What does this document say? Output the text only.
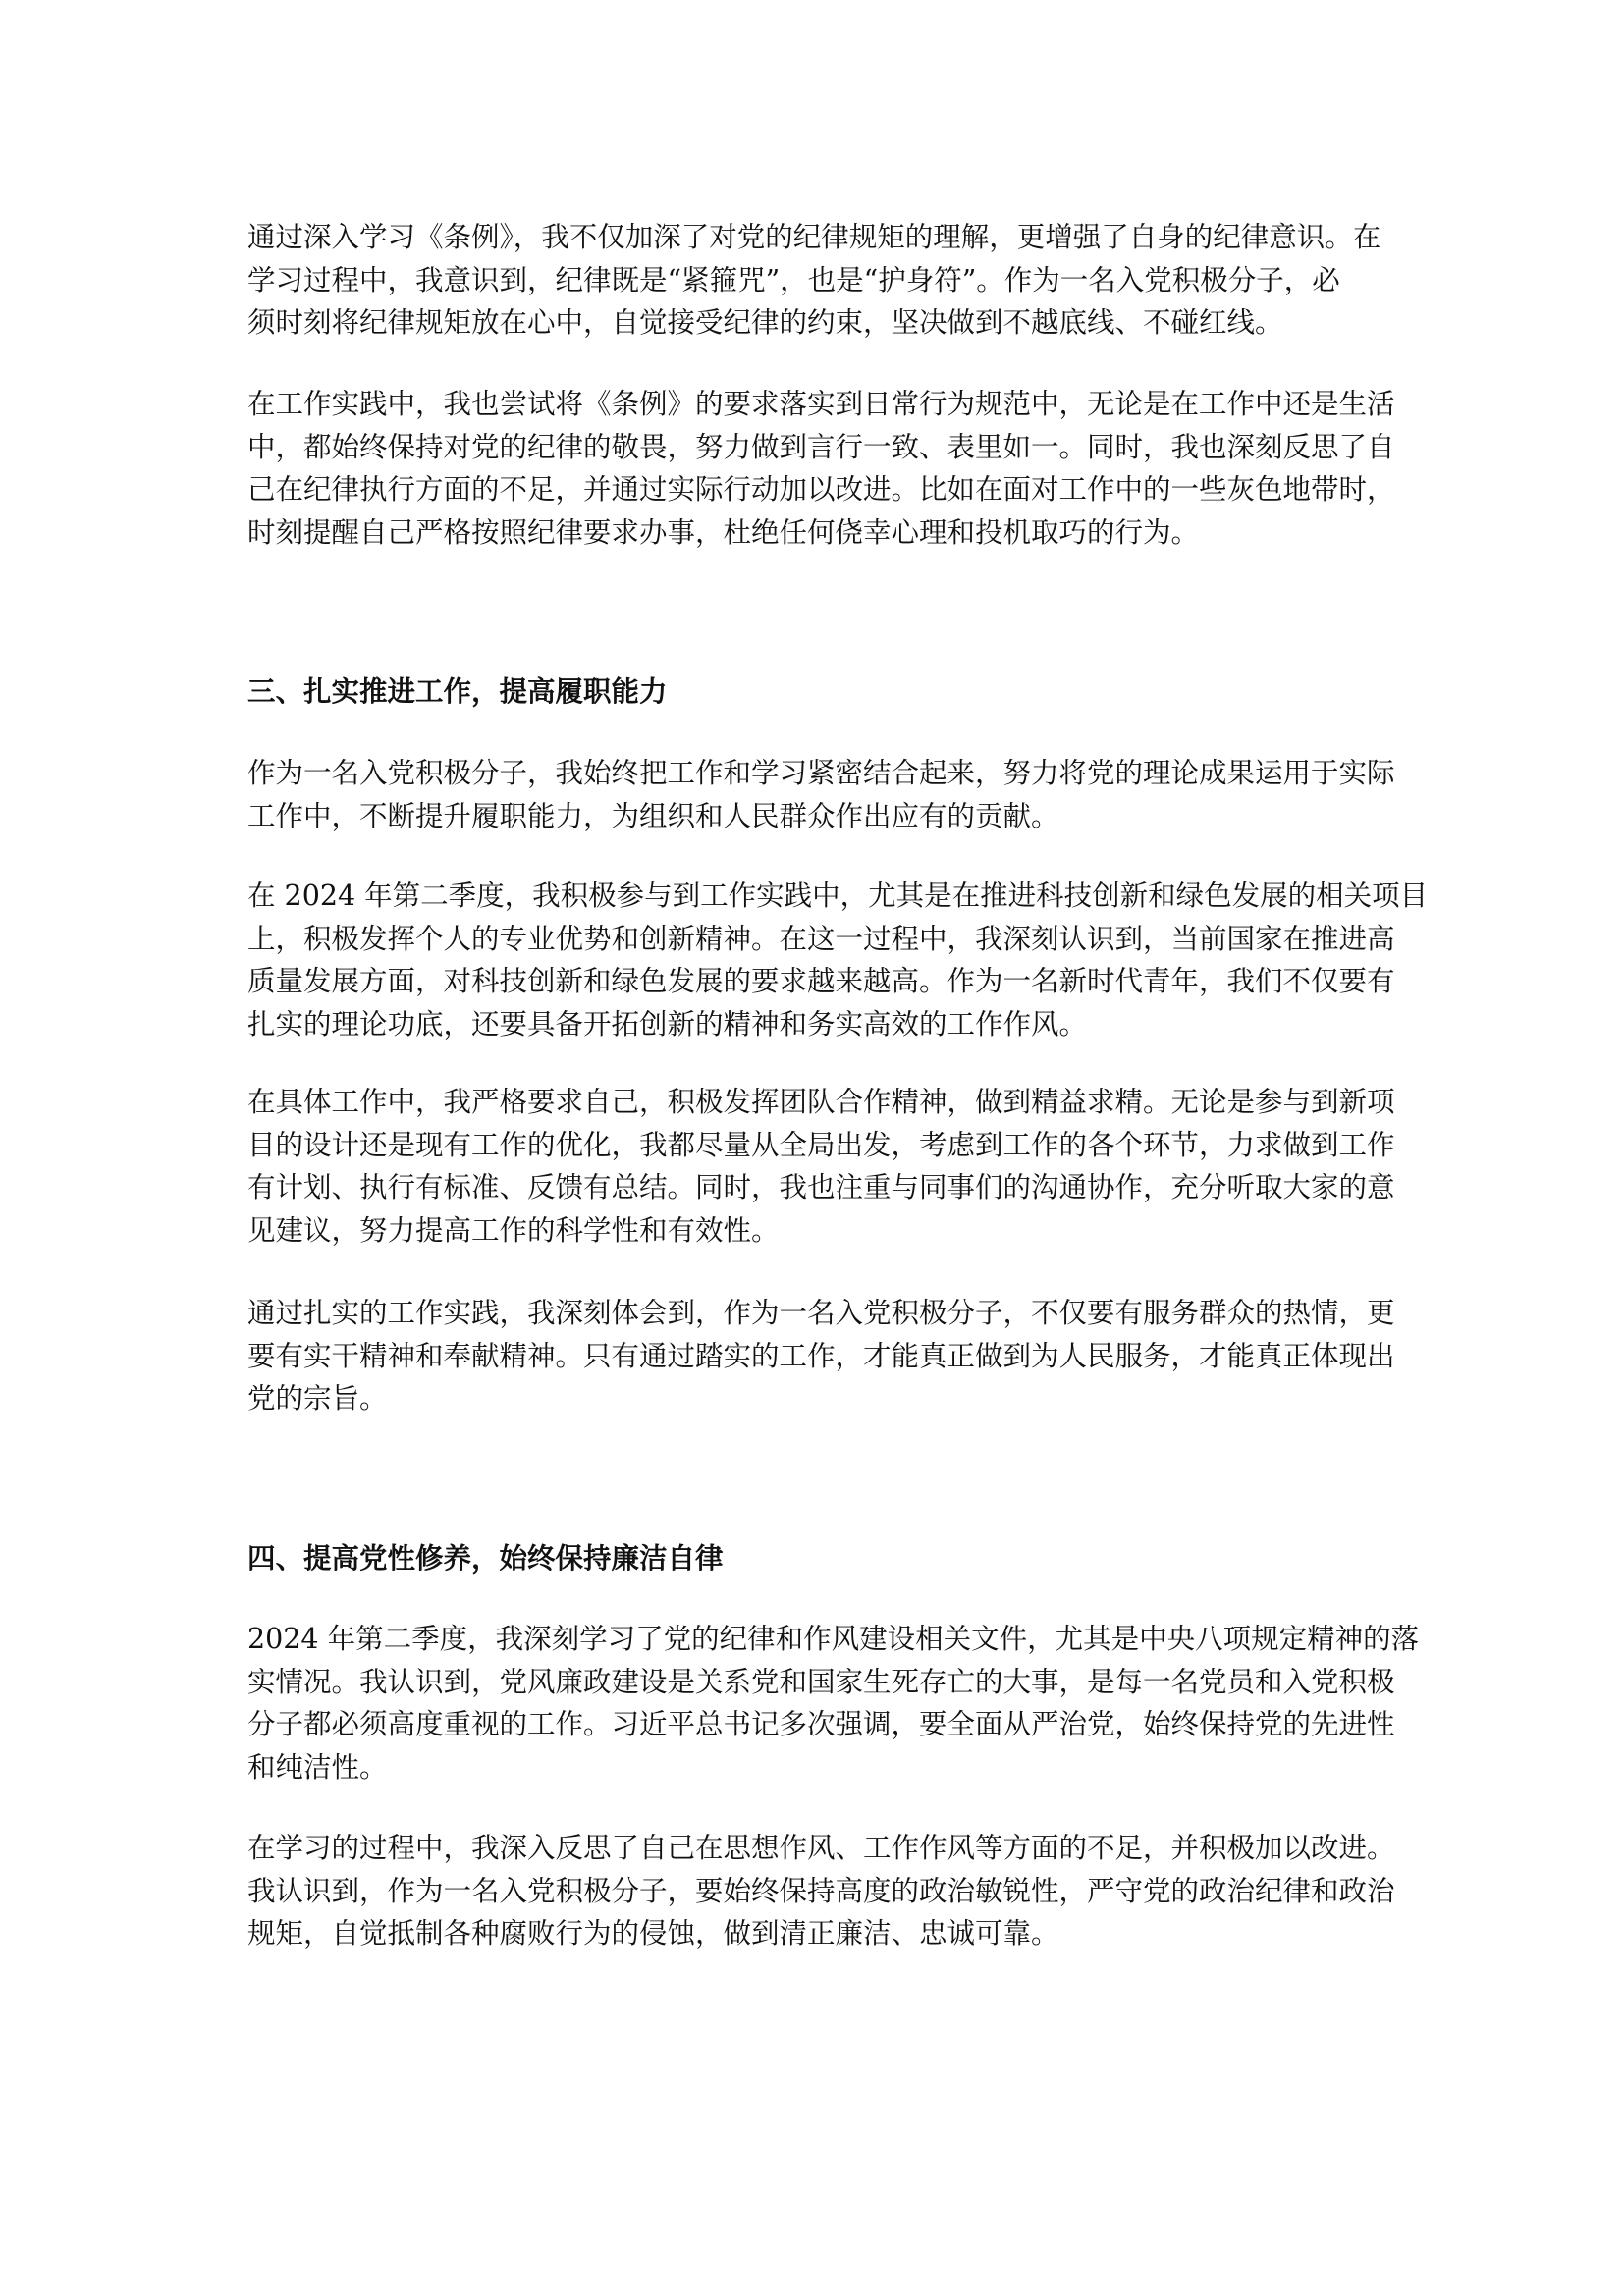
通过深入学习《条例》，我不仅加深了对党的纪律规矩的理解，更增强了自身的纪律意识。在
学习过程中，我意识到，纪律既是“紧箍咒”，也是“护身符”。作为一名入党积极分子，必
须时刻将纪律规矩放在心中，自觉接受纪律的约束，坚决做到不越底线、不碰红线。
在工作实践中，我也尝试将《条例》的要求落实到日常行为规范中，无论是在工作中还是生活
中，都始终保持对党的纪律的敬畏，努力做到言行一致、表里如一。同时，我也深刻反思了自
己在纪律执行方面的不足，并通过实际行动加以改进。比如在面对工作中的一些灰色地带时，
时刻提醒自己严格按照纪律要求办事，杜绝任何侥幸心理和投机取巧的行为。
三、扎实推进工作，提高履职能力
作为一名入党积极分子，我始终把工作和学习紧密结合起来，努力将党的理论成果运用于实际
工作中，不断提升履职能力，为组织和人民群众作出应有的贡献。
在 2024 年第二季度，我积极参与到工作实践中，尤其是在推进科技创新和绿色发展的相关项目
上，积极发挥个人的专业优势和创新精神。在这一过程中，我深刻认识到，当前国家在推进高
质量发展方面，对科技创新和绿色发展的要求越来越高。作为一名新时代青年，我们不仅要有
扎实的理论功底，还要具备开拓创新的精神和务实高效的工作作风。
在具体工作中，我严格要求自己，积极发挥团队合作精神，做到精益求精。无论是参与到新项
目的设计还是现有工作的优化，我都尽量从全局出发，考虑到工作的各个环节，力求做到工作
有计划、执行有标准、反馈有总结。同时，我也注重与同事们的沟通协作，充分听取大家的意
见建议，努力提高工作的科学性和有效性。
通过扎实的工作实践，我深刻体会到，作为一名入党积极分子，不仅要有服务群众的热情，更
要有实干精神和奉献精神。只有通过踏实的工作，才能真正做到为人民服务，才能真正体现出
党的宗旨。
四、提高党性修养，始终保持廉洁自律
2024 年第二季度，我深刻学习了党的纪律和作风建设相关文件，尤其是中央八项规定精神的落
实情况。我认识到，党风廉政建设是关系党和国家生死存亡的大事，是每一名党员和入党积极
分子都必须高度重视的工作。习近平总书记多次强调，要全面从严治党，始终保持党的先进性
和纯洁性。
在学习的过程中，我深入反思了自己在思想作风、工作作风等方面的不足，并积极加以改进。
我认识到，作为一名入党积极分子，要始终保持高度的政治敏锐性，严守党的政治纪律和政治
规矩，自觉抵制各种腐败行为的侵蚀，做到清正廉洁、忠诚可靠。
